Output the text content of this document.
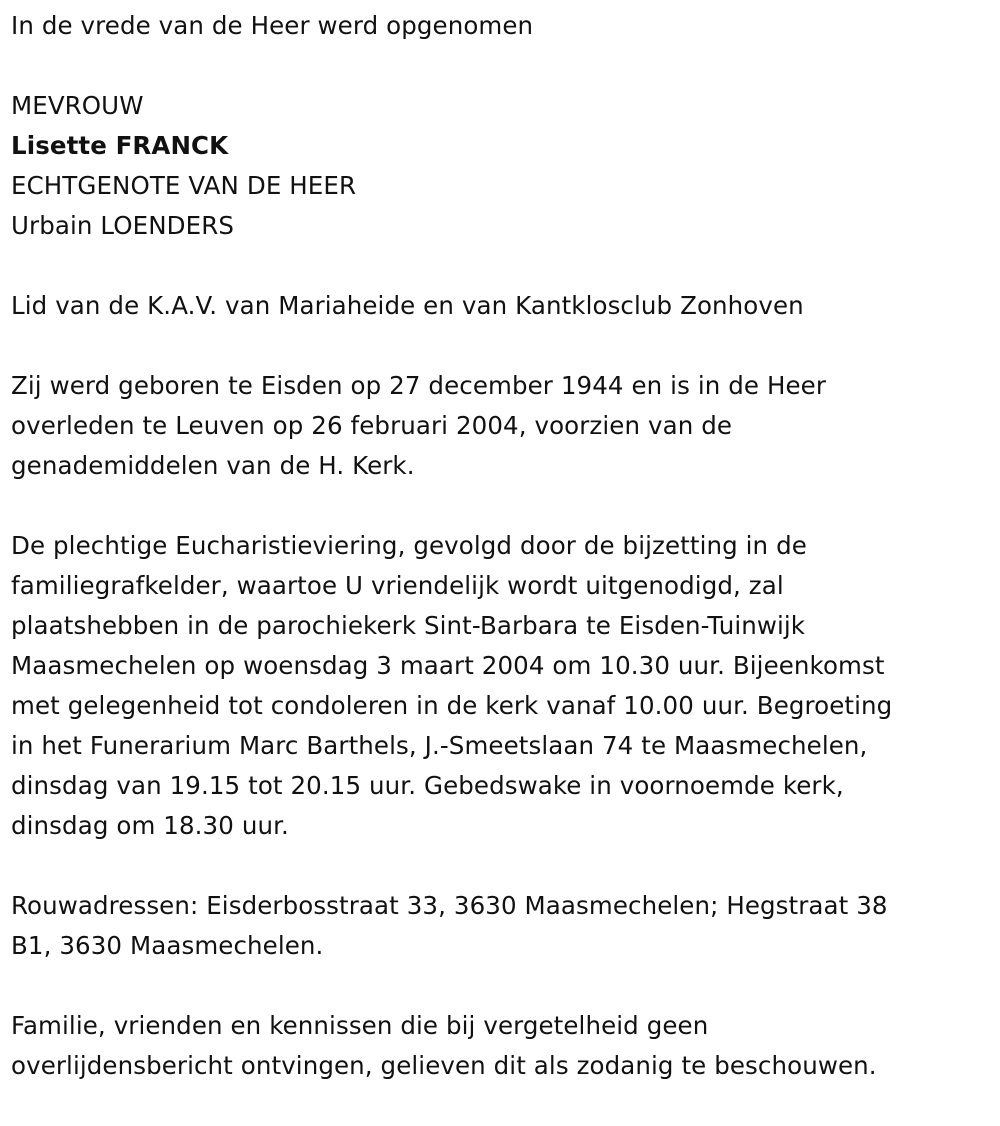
In de vrede van de Heer werd opgenomen
MEVROUW
Lisette FRANCK
ECHTGENOTE VAN DE HEER
Urbain LOENDERS
Lid van de K.A.V. van Mariaheide en van Kantklosclub Zonhoven
Zij werd geboren te Eisden op 27 december 1944 en is in de Heer
overleden te Leuven op 26 februari 2004, voorzien van de
genademiddelen van de H. Kerk.
De plechtige Eucharistieviering, gevolgd door de bijzetting in de
familiegrafkelder, waartoe U vriendelijk wordt uitgenodigd, zal
plaatshebben in de parochiekerk Sint-Barbara te Eisden-Tuinwijk
Maasmechelen op woensdag 3 maart 2004 om 10.30 uur. Bijeenkomst
met gelegenheid tot condoleren in de kerk vanaf 10.00 uur. Begroeting
in het Funerarium Marc Barthels, J.-Smeetslaan 74 te Maasmechelen,
dinsdag van 19.15 tot 20.15 uur. Gebedswake in voornoemde kerk,
dinsdag om 18.30 uur.
Rouwadressen: Eisderbosstraat 33, 3630 Maasmechelen; Hegstraat 38
B1, 3630 Maasmechelen.
Familie, vrienden en kennissen die bij vergetelheid geen
overlijdensbericht ontvingen, gelieven dit als zodanig te beschouwen.
